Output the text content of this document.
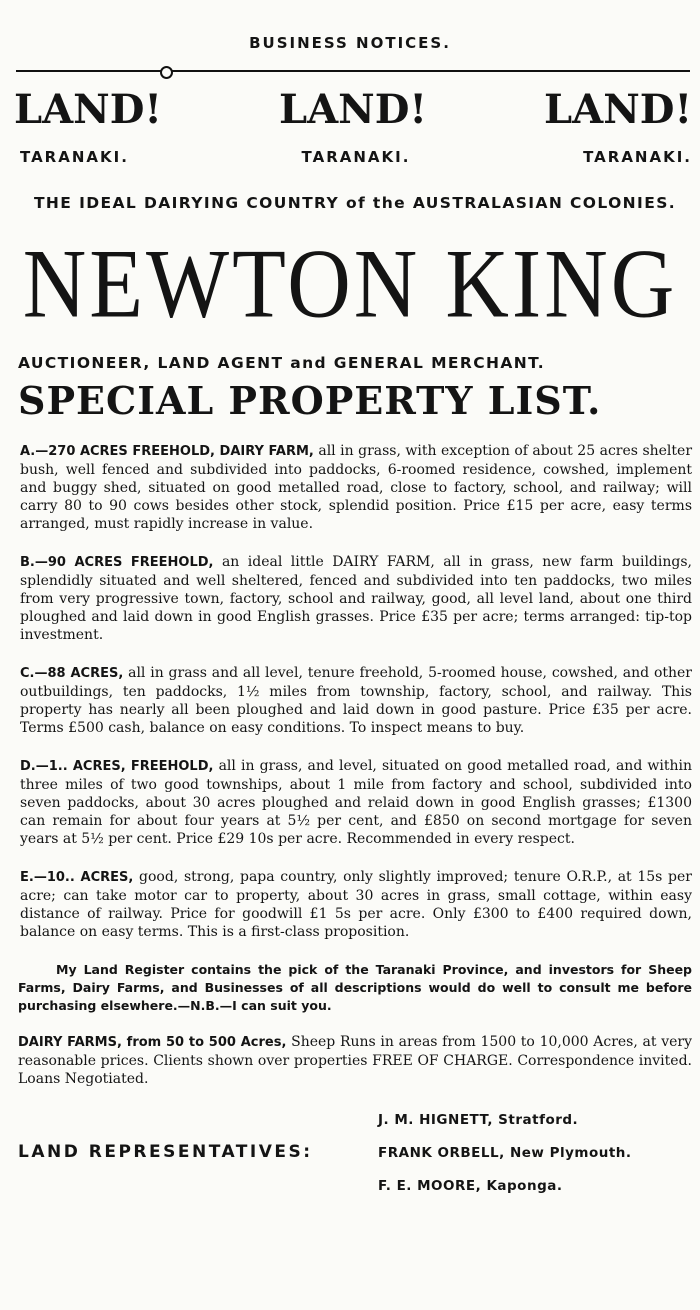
BUSINESS NOTICES.
LAND!	LAND!	LAND!
TARANAKI.	TARANAKI.	TARANAKI.
THE IDEAL DAIRYING COUNTRY of the AUSTRALASIAN COLONIES.
NEWTON KING
AUCTIONEER, LAND AGENT and GENERAL MERCHANT.
SPECIAL PROPERTY LIST.

A.—270 ACRES FREEHOLD, DAIRY FARM, all in grass, with exception of about 25 acres shelter bush, well fenced and subdivided into paddocks, 6-roomed residence, cowshed, implement and buggy shed, situated on good metalled road, close to factory, school, and railway; will carry 80 to 90 cows besides other stock, splendid position. Price £15 per acre, easy terms arranged, must rapidly increase in value.

B.—90 ACRES FREEHOLD, an ideal little DAIRY FARM, all in grass, new farm buildings, splendidly situated and well sheltered, fenced and subdivided into ten paddocks, two miles from very progressive town, factory, school and railway, good, all level land, about one third ploughed and laid down in good English grasses. Price £35 per acre; terms arranged: tip-top investment.

C.—88 ACRES, all in grass and all level, tenure freehold, 5-roomed house, cowshed, and other outbuildings, ten paddocks, 1½ miles from township, factory, school, and railway. This property has nearly all been ploughed and laid down in good pasture. Price £35 per acre. Terms £500 cash, balance on easy conditions. To inspect means to buy.

D.—1.. ACRES, FREEHOLD, all in grass, and level, situated on good metalled road, and within three miles of two good townships, about 1 mile from factory and school, subdivided into seven paddocks, about 30 acres ploughed and relaid down in good English grasses; £1300 can remain for about four years at 5½ per cent, and £850 on second mortgage for seven years at 5½ per cent. Price £29 10s per acre. Recommended in every respect.

E.—10.. ACRES, good, strong, papa country, only slightly improved; tenure O.R.P., at 15s per acre; can take motor car to property, about 30 acres in grass, small cottage, within easy distance of railway. Price for goodwill £1 5s per acre. Only £300 to £400 required down, balance on easy terms. This is a first-class proposition.

My Land Register contains the pick of the Taranaki Province, and investors for Sheep Farms, Dairy Farms, and Businesses of all descriptions would do well to consult me before purchasing elsewhere.—N.B.—I can suit you.

DAIRY FARMS, from 50 to 500 Acres, Sheep Runs in areas from 1500 to 10,000 Acres, at very reasonable prices. Clients shown over properties FREE OF CHARGE. Correspondence invited. Loans Negotiated.

LAND REPRESENTATIVES:
J. M. HIGNETT, Stratford.
FRANK ORBELL, New Plymouth.
F. E. MOORE, Kaponga.
